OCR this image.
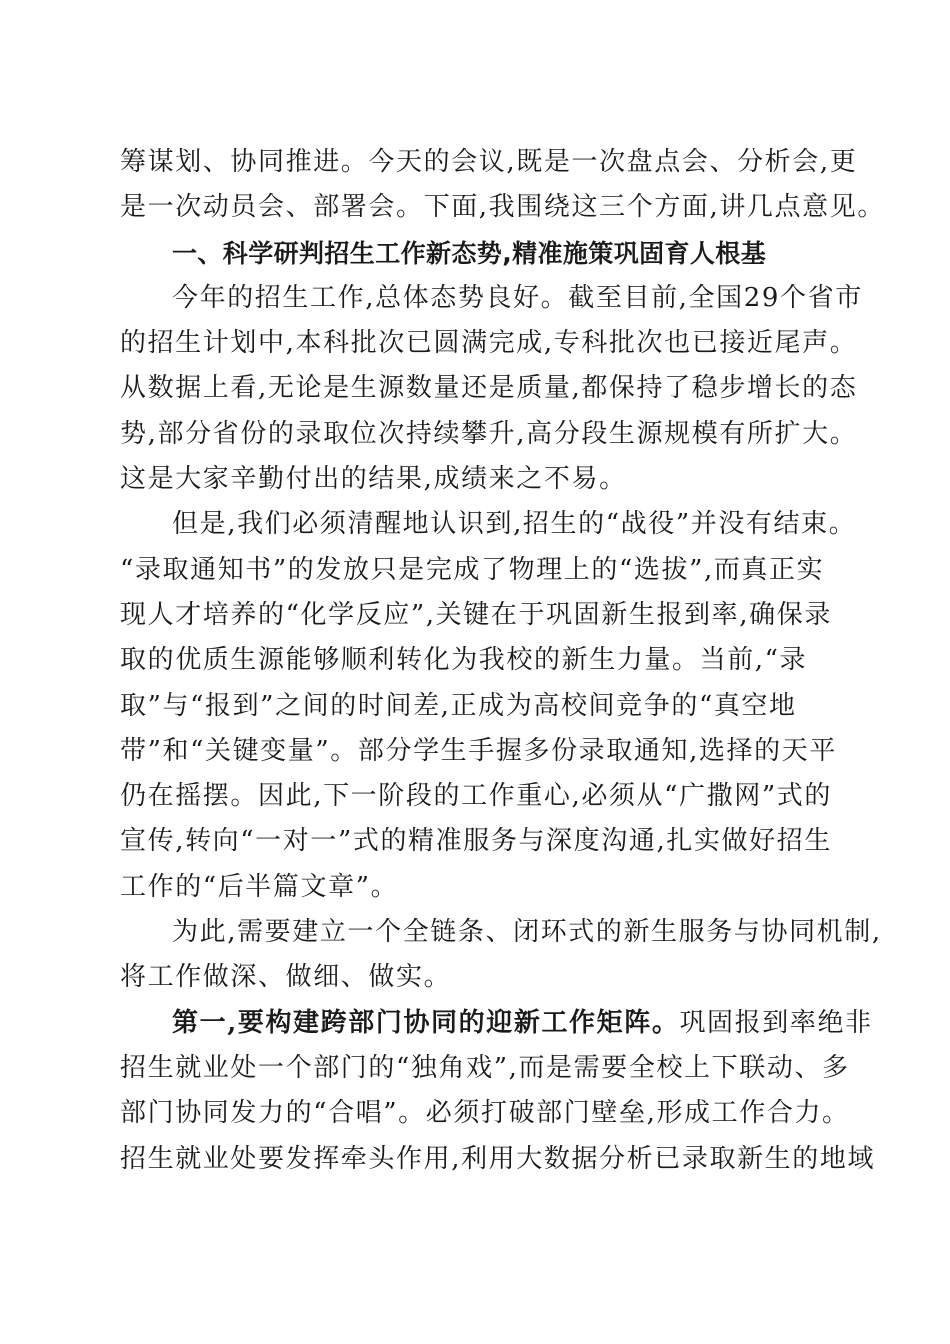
筹谋划、协同推进。今天的会议,既是一次盘点会、分析会,更
是一次动员会、部署会。下面,我围绕这三个方面,讲几点意见。
一、科学研判招生工作新态势,精准施策巩固育人根基
今年的招生工作,总体态势良好。截至目前,全国29个省市
的招生计划中,本科批次已圆满完成,专科批次也已接近尾声。
从数据上看,无论是生源数量还是质量,都保持了稳步增长的态
势,部分省份的录取位次持续攀升,高分段生源规模有所扩大。
这是大家辛勤付出的结果,成绩来之不易。
但是,我们必须清醒地认识到,招生的“战役”并没有结束。
“录取通知书”的发放只是完成了物理上的“选拔”,而真正实
现人才培养的“化学反应”,关键在于巩固新生报到率,确保录
取的优质生源能够顺利转化为我校的新生力量。当前,“录
取”与“报到”之间的时间差,正成为高校间竞争的“真空地
带”和“关键变量”。部分学生手握多份录取通知,选择的天平
仍在摇摆。因此,下一阶段的工作重心,必须从“广撒网”式的
宣传,转向“一对一”式的精准服务与深度沟通,扎实做好招生
工作的“后半篇文章”。
为此,需要建立一个全链条、闭环式的新生服务与协同机制,
将工作做深、做细、做实。
第一,要构建跨部门协同的迎新工作矩阵。巩固报到率绝非
招生就业处一个部门的“独角戏”,而是需要全校上下联动、多
部门协同发力的“合唱”。必须打破部门壁垒,形成工作合力。
招生就业处要发挥牵头作用,利用大数据分析已录取新生的地域
